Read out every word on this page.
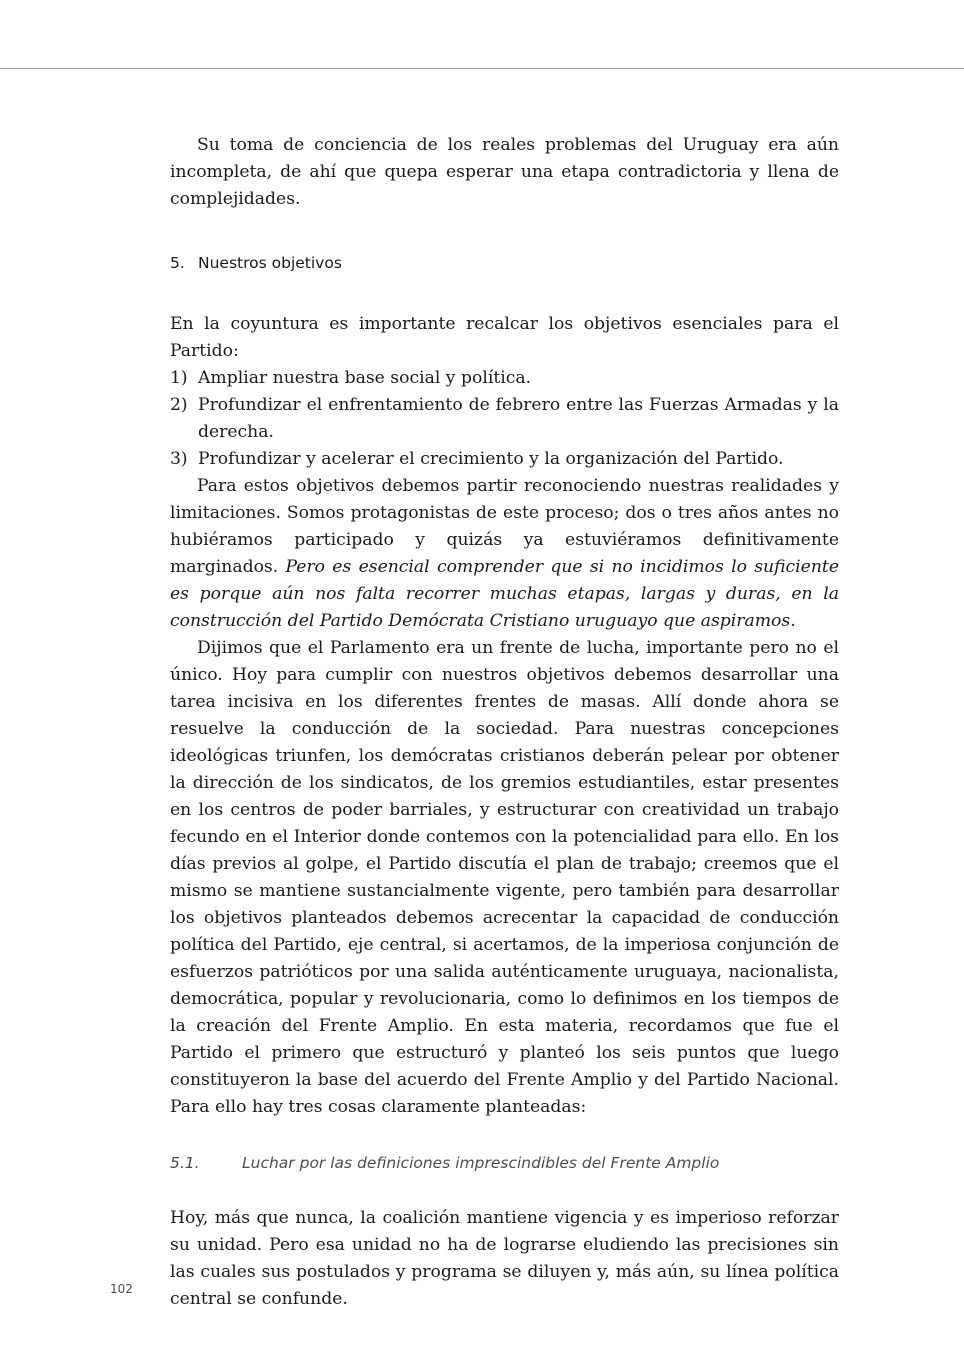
Su toma de conciencia de los reales problemas del Uruguay era aún incompleta, de ahí que quepa esperar una etapa contradictoria y llena de complejidades.

5. Nuestros objetivos

En la coyuntura es importante recalcar los objetivos esenciales para el Partido:

1) Ampliar nuestra base social y política.
2) Profundizar el enfrentamiento de febrero entre las Fuerzas Armadas y la derecha.
3) Profundizar y acelerar el crecimiento y la organización del Partido.

Para estos objetivos debemos partir reconociendo nuestras realidades y limitaciones. Somos protagonistas de este proceso; dos o tres años antes no hubiéramos participado y quizás ya estuviéramos definitivamente marginados. Pero es esencial comprender que si no incidimos lo suficiente es porque aún nos falta recorrer muchas etapas, largas y duras, en la construcción del Partido Demócrata Cristiano uruguayo que aspiramos.

Dijimos que el Parlamento era un frente de lucha, importante pero no el único. Hoy para cumplir con nuestros objetivos debemos desarrollar una tarea incisiva en los diferentes frentes de masas. Allí donde ahora se resuelve la conducción de la sociedad. Para nuestras concepciones ideológicas triunfen, los demócratas cristianos deberán pelear por obtener la dirección de los sindicatos, de los gremios estudiantiles, estar presentes en los centros de poder barriales, y estructurar con creatividad un trabajo fecundo en el Interior donde contemos con la potencialidad para ello. En los días previos al golpe, el Partido discutía el plan de trabajo; creemos que el mismo se mantiene sustancialmente vigente, pero también para desarrollar los objetivos planteados debemos acrecentar la capacidad de conducción política del Partido, eje central, si acertamos, de la imperiosa conjunción de esfuerzos patrióticos por una salida auténticamente uruguaya, nacionalista, democrática, popular y revolucionaria, como lo definimos en los tiempos de la creación del Frente Amplio. En esta materia, recordamos que fue el Partido el primero que estructuró y planteó los seis puntos que luego constituyeron la base del acuerdo del Frente Amplio y del Partido Nacional. Para ello hay tres cosas claramente planteadas:

5.1.	Luchar por las definiciones imprescindibles del Frente Amplio

Hoy, más que nunca, la coalición mantiene vigencia y es imperioso reforzar su unidad. Pero esa unidad no ha de lograrse eludiendo las precisiones sin las cuales sus postulados y programa se diluyen y, más aún, su línea política central se confunde.

102
